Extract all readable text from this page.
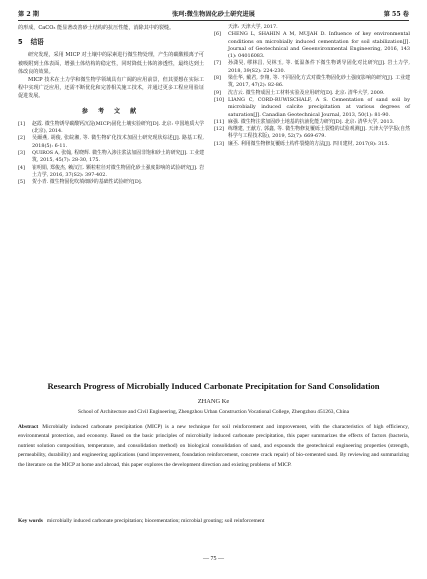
第 2 期	张珂:微生物固化砂土研究进展	第 55 卷

的形成，CaCO₃ 能显著改善砂土结构的抗压性能，消除其中的裂缝。

5 结语

研究发现，采用 MICP 对土壤中的尿素进行微生物处理，产生的碳酸根离子可被吸附到土体表面，增强土体结构的稳定性，同时降低土体的渗透性，最终达到土体改良的效果。

MICP 技术在土力学和微生物学领域具有广阔的应用前景，但其要想在实际工程中实现广泛应用，还需不断优化和完善相关施工技术，并通过更多工程应用验证促进发展。

参 考 文 献
[1]	赵霞. 微生物诱导碳酸钙沉淀(MICP)固化土壤实验研究[D]. 北京: 中国地质大学(北京), 2014.
[2]	吴爾燕, 胡俊, 张皖湘, 等. 微生物矿化技术加固土研究现状综述[J]. 路基工程, 2018(5): 6-11.
[3]	QUIROS A, 张翰, 程晓辉. 微生物入渗注浆法加固非饱和砂土的研究[J]. 工业建筑, 2015, 45(7): 28-30, 175.
[4]	崔明娟, 郑俊杰, 赖汉江. 颗粒粒径对微生物固化砂土强度影响的试验研究[J]. 岩土力学, 2016, 37(S2): 397-402.
[5]	贺小青. 微生物固化吹填细砂的基础性试验研究[D].
天津: 天津大学, 2017.
[6]	CHENG L, SHAHIN A M, MUJAH D. Influence of key environmental conditions on microbially induced cementation for soil stabilization[J]. Journal of Geotechnical and Geoenvironmental Engineering, 2016, 143 (1): 04016083.
[7]	孙潇昊, 缪林昌, 吴林玉, 等. 低温条件下微生物诱导固化对比研究[J]. 岩土力学, 2018, 39(S2): 224-230.
[8]	梁仕华, 戴君, 李翔, 等. 不同固化方式对微生物固化砂土强度影响的研究[J]. 工业建筑, 2017, 47(2): 82-86.
[9]	沈吉云. 微生物成因土工材料实验及应用研究[D]. 北京: 清华大学, 2009.
[10] LIANG C, CORD-RUWISCHALF, A S. Cementation of sand soil by microbially induced calcite precipitation at various degrees of saturation[J]. Canadian Geotechnical Journal, 2013, 50(1): 81-90.
[11] 麻强. 微生物注浆加固砂土地基的抗液化能力研究[D]. 北京: 清华大学, 2013.
[12] 练继建, 王献方, 郭鑫, 等. 微生物修复覆砾土裂缝的试验观测[J]. 天津大学学报(自然科学与工程技术版), 2019, 52(7): 669-679.
[13] 廉丕. 利用微生物修复覆砾土构件裂缝的方法[J]. 四川建材, 2017(8): 315.
Research Progress of Microbially Induced Carbonate Precipitation for Sand Consolidation
ZHANG Ke
School of Architecture and Civil Engineering, Zhengzhou Urban Construction Vocational College, Zhengzhou 451263, China
Abstract Microbially induced carbonate precipitation (MICP) is a new technique for soil reinforcement and improvement, with the characteristics of high efficiency, environmental protection, and economy. Based on the basic principles of microbially induced carbonate precipitation, this paper summarizes the effects of factors (bacteria, nutrient solution composition, temperature, and consolidation method) on biological consolidation of sand, and expounds the geotechnical engineering properties (strength, permeability, durability) and engineering applications (sand improvement, foundation reinforcement, concrete crack repair) of bio-cemented sand. By reviewing and summarizing the literature on the MICP at home and abroad, this paper explores the development direction and existing problems of MICP.
Key words microbially induced carbonate precipitation; biocementation; microbial grouting; soil reinforcement
— 75 —
